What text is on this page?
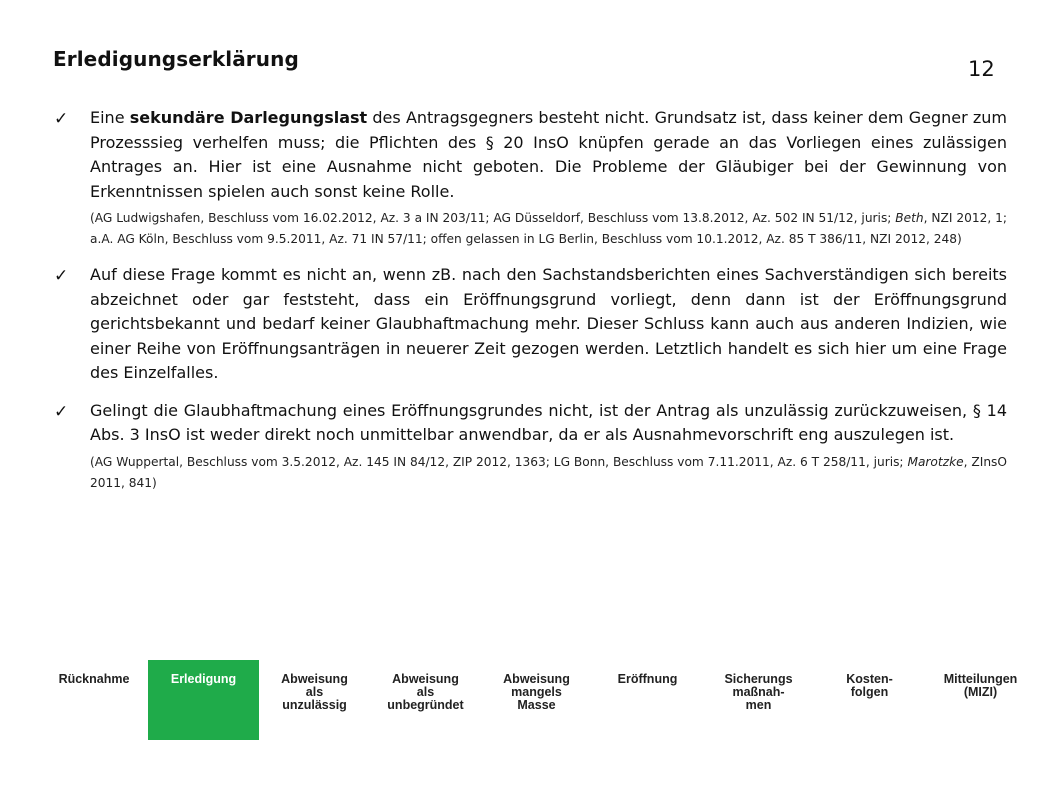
Erledigungserklärung	12
✓	Eine sekundäre Darlegungslast des Antragsgegners besteht nicht. Grundsatz ist, dass keiner dem Gegner zum Prozesssieg verhelfen muss; die Pflichten des § 20 InsO knüpfen gerade an das Vorliegen eines zulässigen Antrages an. Hier ist eine Ausnahme nicht geboten. Die Probleme der Gläubiger bei der Gewinnung von Erkenntnissen spielen auch sonst keine Rolle.

(AG Ludwigshafen, Beschluss vom 16.02.2012, Az. 3 a IN 203/11; AG Düsseldorf, Beschluss vom 13.8.2012, Az. 502 IN 51/12, juris; Beth, NZI 2012, 1; a.A. AG Köln, Beschluss vom 9.5.2011, Az. 71 IN 57/11; offen gelassen in LG Berlin, Beschluss vom 10.1.2012, Az. 85 T 386/11, NZI 2012, 248)

✓	Auf diese Frage kommt es nicht an, wenn zB. nach den Sachstandsberichten eines Sachverständigen sich bereits abzeichnet oder gar feststeht, dass ein Eröffnungsgrund vorliegt, denn dann ist der Eröffnungsgrund gerichtsbekannt und bedarf keiner Glaubhaftmachung mehr. Dieser Schluss kann auch aus anderen Indizien, wie einer Reihe von Eröffnungsanträgen in neuerer Zeit gezogen werden. Letztlich handelt es sich hier um eine Frage des Einzelfalles.

✓	Gelingt die Glaubhaftmachung eines Eröffnungsgrundes nicht, ist der Antrag als unzulässig zurückzuweisen, § 14 Abs. 3 InsO ist weder direkt noch unmittelbar anwendbar, da er als Ausnahmevorschrift eng auszulegen ist.

(AG Wuppertal, Beschluss vom 3.5.2012, Az. 145 IN 84/12, ZIP 2012, 1363; LG Bonn, Beschluss vom 7.11.2011, Az. 6 T 258/11, juris; Marotzke, ZInsO 2011, 841)

Rücknahme	Erledigung	Abweisung
als
unzulässig
Abweisung
als
unbegründet
Abweisung
mangels
Masse
Eröffnung	Sicherungs
maßnah-
men
Kosten-
folgen
Mitteilungen
(MIZI)
